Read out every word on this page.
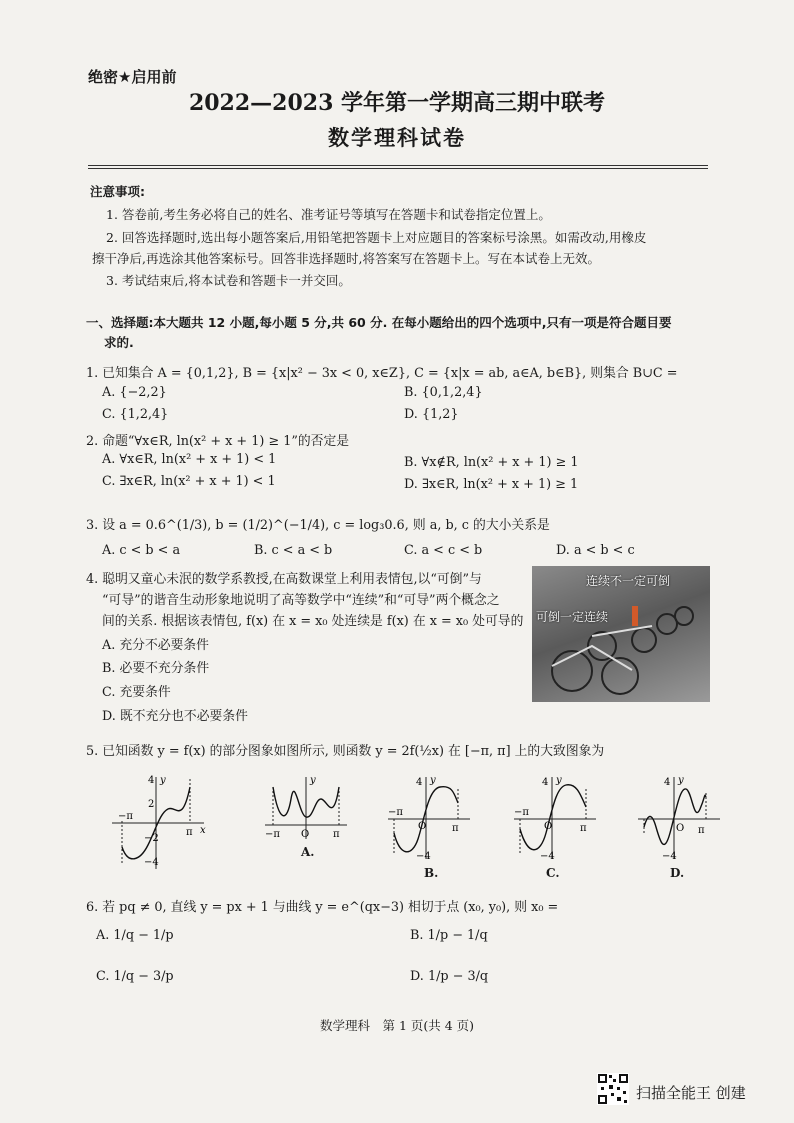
绝密★启用前
2022—2023 学年第一学期高三期中联考
数学理科试卷
注意事项:
1. 答卷前,考生务必将自己的姓名、准考证号等填写在答题卡和试卷指定位置上。
2. 回答选择题时,选出每小题答案后,用铅笔把答题卡上对应题目的答案标号涂黑。如需改动,用橡皮
擦干净后,再选涂其他答案标号。回答非选择题时,将答案写在答题卡上。写在本试卷上无效。
3. 考试结束后,将本试卷和答题卡一并交回。
一、选择题:本大题共 12 小题,每小题 5 分,共 60 分. 在每小题给出的四个选项中,只有一项是符合题目要
求的.
1. 已知集合 A = {0,1,2}, B = {x|x² − 3x < 0, x∈Z}, C = {x|x = ab, a∈A, b∈B}, 则集合 B∪C =
A. {−2,2}	B. {0,1,2,4}
C. {1,2,4}	D. {1,2}
2. 命题“∀x∈R, ln(x² + x + 1) ≥ 1”的否定是
A. ∀x∈R, ln(x² + x + 1) < 1	B. ∀x∉R, ln(x² + x + 1) ≥ 1
C. ∃x∈R, ln(x² + x + 1) < 1	D. ∃x∈R, ln(x² + x + 1) ≥ 1
3. 设 a = 0.6^(1/3), b = (1/2)^(−1/4), c = log₃0.6, 则 a, b, c 的大小关系是
A. c < b < a	B. c < a < b	C. a < c < b	D. a < b < c
4. 聪明又童心未泯的数学系教授,在高数课堂上利用表情包,以“可倒”与
“可导”的谐音生动形象地说明了高等数学中“连续”和“可导”两个概念之
间的关系. 根据该表情包, f(x) 在 x = x₀ 处连续是 f(x) 在 x = x₀ 处可导的
A. 充分不必要条件
B. 必要不充分条件
C. 充要条件
D. 既不充分也不必要条件
连续不一定可倒
可倒一定连续
5. 已知函数 y = f(x) 的部分图象如图所示, 则函数 y = 2f(½x) 在 [−π, π] 上的大致图象为
4
2
−2
−4
−π
π x
y	y
−π O π
A.
4 y
−π
O	π
−4
B.
4 y
−π
O	π
−4
C.
4 y
O π
−4
D.
6. 若 pq ≠ 0, 直线 y = px + 1 与曲线 y = e^(qx−3) 相切于点 (x₀, y₀), 则 x₀ =
A. 1/q − 1/p	B. 1/p − 1/q
C. 1/q − 3/p	D. 1/p − 3/q
数学理科　第 1 页(共 4 页)
扫描全能王 创建
